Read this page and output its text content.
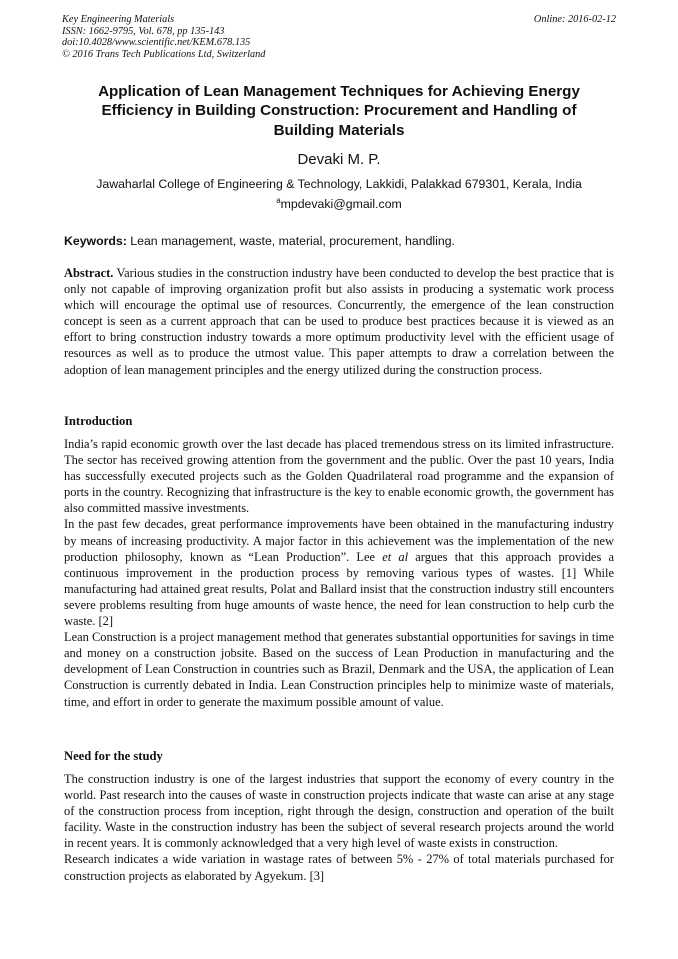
Key Engineering Materials
ISSN: 1662-9795, Vol. 678, pp 135-143
doi:10.4028/www.scientific.net/KEM.678.135
© 2016 Trans Tech Publications Ltd, Switzerland
Online: 2016-02-12
Application of Lean Management Techniques for Achieving Energy Efficiency in Building Construction: Procurement and Handling of Building Materials
Devaki M. P.
Jawaharlal College of Engineering & Technology, Lakkidi, Palakkad 679301, Kerala, India
$^a$mpdevaki@gmail.com
Keywords: Lean management, waste, material, procurement, handling.

Abstract. Various studies in the construction industry have been conducted to develop the best practice that is only not capable of improving organization profit but also assists in producing a systematic work process which will encourage the optimal use of resources. Concurrently, the emergence of the lean construction concept is seen as a current approach that can be used to produce best practices because it is viewed as an effort to bring construction industry towards a more optimum productivity level with the efficient usage of resources as well as to produce the utmost value. This paper attempts to draw a correlation between the adoption of lean management principles and the energy utilized during the construction process.

Introduction

India’s rapid economic growth over the last decade has placed tremendous stress on its limited infrastructure. The sector has received growing attention from the government and the public. Over the past 10 years, India has successfully executed projects such as the Golden Quadrilateral road programme and the expansion of ports in the country. Recognizing that infrastructure is the key to enable economic growth, the government has also committed massive investments.

In the past few decades, great performance improvements have been obtained in the manufacturing industry by means of increasing productivity. A major factor in this achievement was the implementation of the new production philosophy, known as “Lean Production”. Lee et al argues that this approach provides a continuous improvement in the production process by removing various types of wastes. [1] While manufacturing had attained great results, Polat and Ballard insist that the construction industry still encounters severe problems resulting from huge amounts of waste hence, the need for lean construction to help curb the waste. [2]

Lean Construction is a project management method that generates substantial opportunities for savings in time and money on a construction jobsite. Based on the success of Lean Production in manufacturing and the development of Lean Construction in countries such as Brazil, Denmark and the USA, the application of Lean Construction is currently debated in India. Lean Construction principles help to minimize waste of materials, time, and effort in order to generate the maximum possible amount of value.

Need for the study

The construction industry is one of the largest industries that support the economy of every country in the world. Past research into the causes of waste in construction projects indicate that waste can arise at any stage of the construction process from inception, right through the design, construction and operation of the built facility. Waste in the construction industry has been the subject of several research projects around the world in recent years. It is commonly acknowledged that a very high level of waste exists in construction.

Research indicates a wide variation in wastage rates of between 5% - 27% of total materials purchased for construction projects as elaborated by Agyekum. [3]
